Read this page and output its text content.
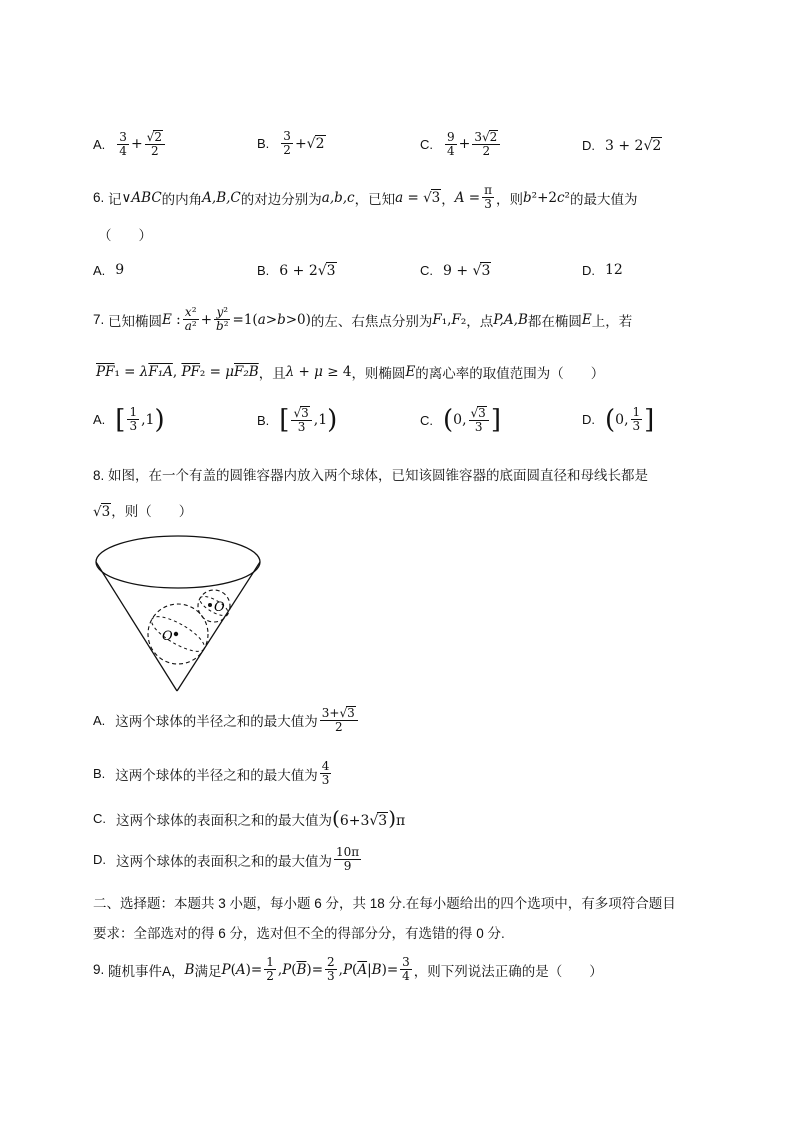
A. $\frac{3}{4} + \frac{√2}{2}$	B. $\frac{3}{2}$ +√ 2	C. $\frac{9}{4} + \frac{3√2}{2}$	D. 3 + 2√ 2
6.
记 ∨ABC 的内角 A,B,C 的对边分别为 a,b,c ，已知 a = √3 ， $A = \frac{\pi}{3}$ ，则 b²+2c² 的最大值为
（　　）
A. 9	B. 6 + 2√ 3	C. 9 + √ 3	D. 12
7.
已知椭圆 E : $\frac{\text{x²}}{\text{a²}} + \frac{\text{y²}}{\text{b²}} =1$( a > b >0) 的左、右焦点分别为 F₁,F₂ ，点 P,A,B 都在椭圆 E 上，若
$\overline{PF}_1 = \lambda F_1A$, $\overline{PF}_2 = \mu F_2B$ ，且 λ + μ ≥ 4 ，则椭圆 E 的离心率的取值范围为（　　）
A. [ $\frac{1}{3} ,1$ )	B. [ $\frac{√3}{3} ,1$ )	C. ( 0, $\frac{√3}{3}$ ]	D. ( 0, $\frac{1}{3}$ ]
8. 如图，在一个有盖的圆锥容器内放入两个球体，已知该圆锥容器的底面圆直径和母线长都是
√3，则（　　）
O
O
A. 这两个球体的半径之和的最大值为 $\frac{3+√3}{2}$
B. 这两个球体的半径之和的最大值为 $\frac{4}{3}$
C. 这两个球体的表面积之和的最大值为 (6+3√3)π
D. 这两个球体的表面积之和的最大值为 $\frac{10\pi}{9}$
二、选择题：本题共 3 小题，每小题 6 分，共 18 分.在每小题给出的四个选项中，有多项符合题目
要求：全部选对的得 6 分，选对但不全的得部分分，有选错的得 0 分.
9.
随机事件 A， B 满足 P ( A )= $\frac{1}{2}$ , P ( $\overline{B}$ )= $\frac{2}{3}$ , P ( $\overline{A}$ | B )= $\frac{3}{4}$ ，则下列说法正确的是（　　）
